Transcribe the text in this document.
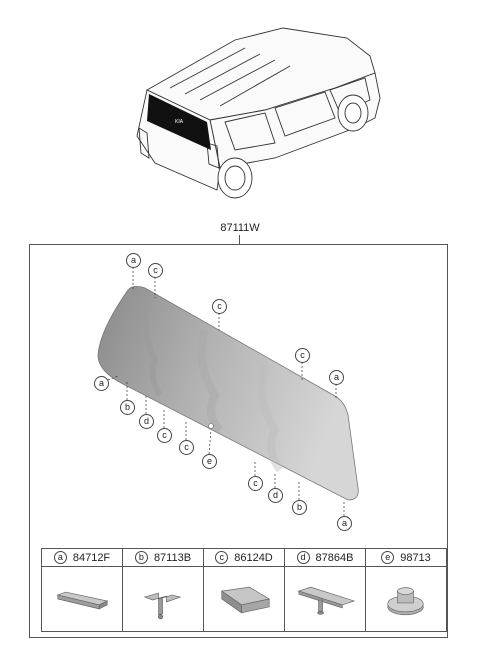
KIA
87111W
a
c
c
a
b
d
c
c
e
c
a
c
d
b
a
a 84712F	b 87113B	c 86124D	d 87864B	e 98713
